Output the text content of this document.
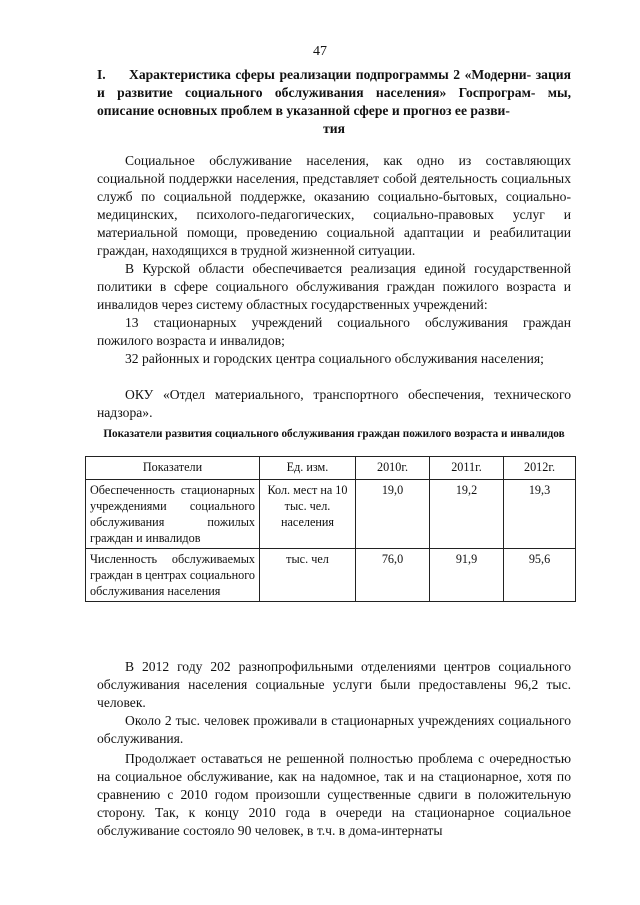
47
I. Характеристика сферы реализации подпрограммы 2 «Модерни- зация и развитие социального обслуживания населения» Госпрограм- мы, описание основных проблем в указанной сфере и прогноз ее разви-
тия

Социальное обслуживание населения, как одно из составляющих социальной поддержки населения, представляет собой деятельность социальных служб по социальной поддержке, оказанию социально-бытовых, социально-медицинских, психолого-педагогических, социально-правовых услуг и материальной помощи, проведению социальной адаптации и реабилитации граждан, находящихся в трудной жизненной ситуации.

В Курской области обеспечивается реализация единой государственной политики в сфере социального обслуживания граждан пожилого возраста и инвалидов через систему областных государственных учреждений:

13 стационарных учреждений социального обслуживания граждан пожилого возраста и инвалидов;

32 районных и городских центра социального обслуживания населения;

ОКУ «Отдел материального, транспортного обеспечения, технического надзора».

Показатели развития социального обслуживания граждан пожилого возраста и инвалидов
Показатели	Ед. изм.	2010г.	2011г.	2012г.
Обеспеченность стационарных учреждениями социального обслуживания пожилых граждан и инвалидов	Кол. мест на 10 тыс. чел. населения	19,0	19,2	19,3
Численность обслуживаемых граждан в центрах социального обслуживания населения	тыс. чел	76,0	91,9	95,6

В 2012 году 202 разнопрофильными отделениями центров социального обслуживания населения социальные услуги были предоставлены 96,2 тыс. человек.

Около 2 тыс. человек проживали в стационарных учреждениях социального обслуживания.

Продолжает оставаться не решенной полностью проблема с очередностью на социальное обслуживание, как на надомное, так и на стационарное, хотя по сравнению с 2010 годом произошли существенные сдвиги в положительную сторону. Так, к концу 2010 года в очереди на стационарное социальное обслуживание состояло 90 человек, в т.ч. в дома-интернаты
